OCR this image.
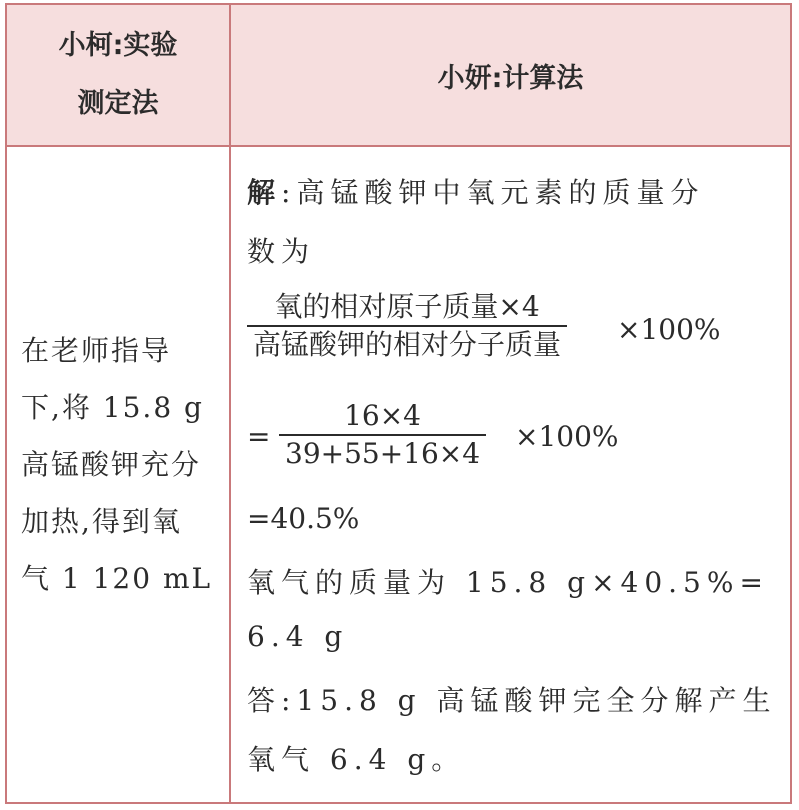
小柯:实验
测定法
小妍:计算法
在老师指导
下,将 15.8 g
高锰酸钾充分
加热,得到氧
气 1 120 mL
解:高锰酸钾中氧元素的质量分
数为
氧的相对原子质量×4
高锰酸钾的相对分子质量 ×100%
=
16×4
39+55+16×4
×100%
=40.5%
氧气的质量为 15.8 g×40.5%=
6.4 g
答:15.8 g 高锰酸钾完全分解产生
氧气 6.4 g。
